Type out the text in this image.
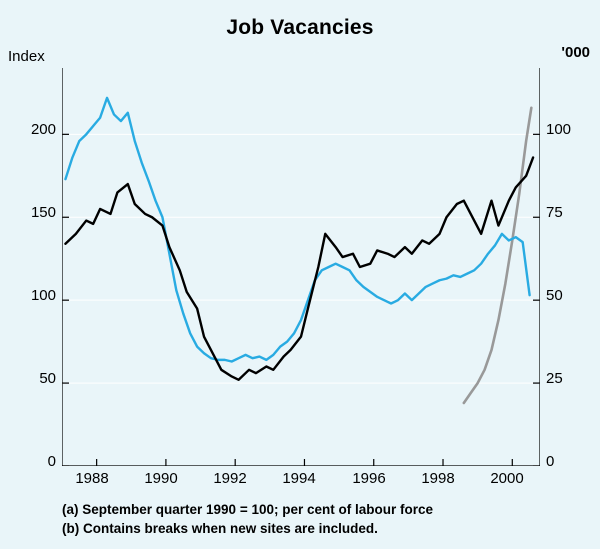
Job Vacancies
Index	'000
200
150
100
50
0
100
75
50
25
0
1988	1990	1992	1994	1996	1998	2000
(a) September quarter 1990 = 100; per cent of labour force
(b) Contains breaks when new sites are included.
